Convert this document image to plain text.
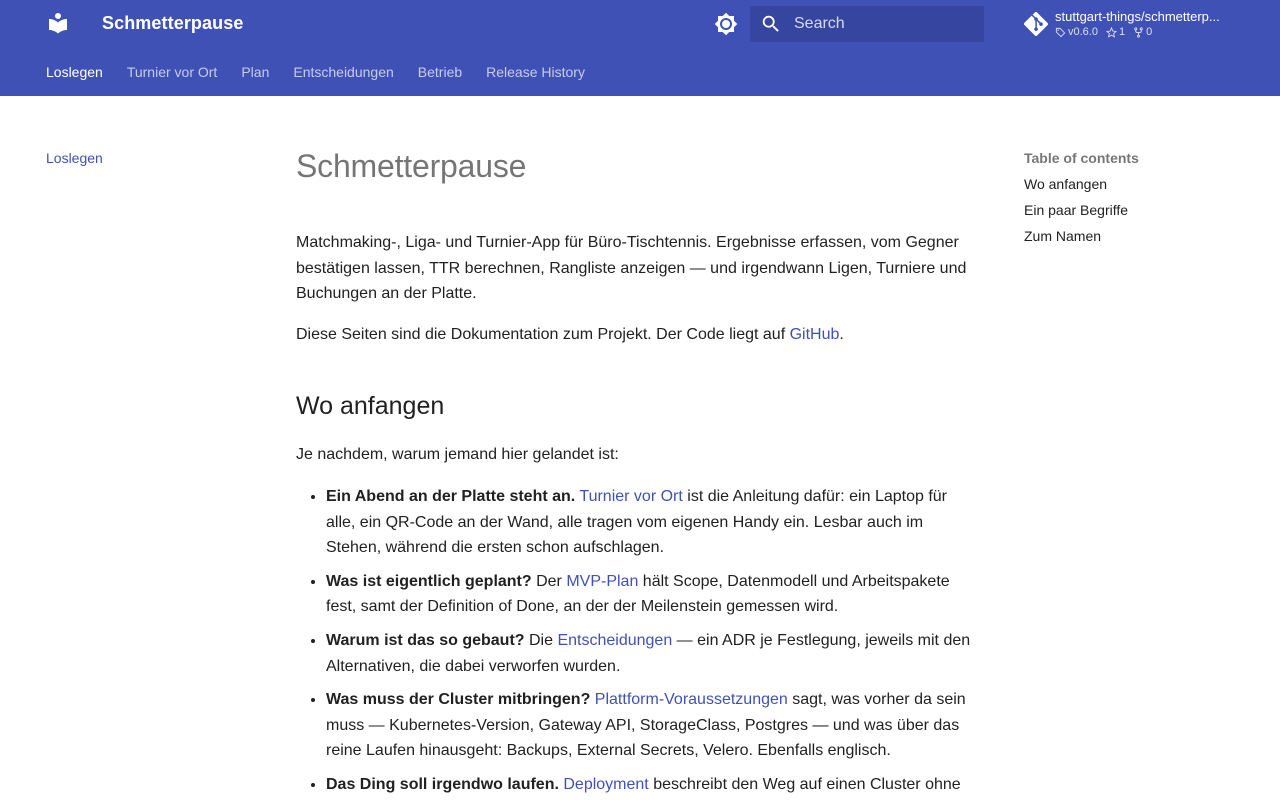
Schmetterpause
Search	stuttgart-things/schmetterp...
v0.6.0 1 0
Loslegen Turnier vor Ort Plan Entscheidungen Betrieb Release History
Loslegen	Schmetterpause

Matchmaking-, Liga- und Turnier-App für Büro-Tischtennis. Ergebnisse erfassen, vom Gegner bestätigen lassen, TTR berechnen, Rangliste anzeigen — und irgendwann Ligen, Turniere und Buchungen an der Platte.

Diese Seiten sind die Dokumentation zum Projekt. Der Code liegt auf GitHub.

Wo anfangen

Je nachdem, warum jemand hier gelandet ist:

• Ein Abend an der Platte steht an. Turnier vor Ort ist die Anleitung dafür: ein Laptop für alle, ein QR-Code an der Wand, alle tragen vom eigenen Handy ein. Lesbar auch im Stehen, während die ersten schon aufschlagen.
• Was ist eigentlich geplant? Der MVP-Plan hält Scope, Datenmodell und Arbeitspakete fest, samt der Definition of Done, an der der Meilenstein gemessen wird.
• Warum ist das so gebaut? Die Entscheidungen — ein ADR je Festlegung, jeweils mit den Alternativen, die dabei verworfen wurden.
• Was muss der Cluster mitbringen? Plattform-Voraussetzungen sagt, was vorher da sein muss — Kubernetes-Version, Gateway API, StorageClass, Postgres — und was über das reine Laufen hinausgeht: Backups, External Secrets, Velero. Ebenfalls englisch.
• Das Ding soll irgendwo laufen. Deployment beschreibt den Weg auf einen Cluster ohne
Table of contents
Wo anfangen
Ein paar Begriffe
Zum Namen
